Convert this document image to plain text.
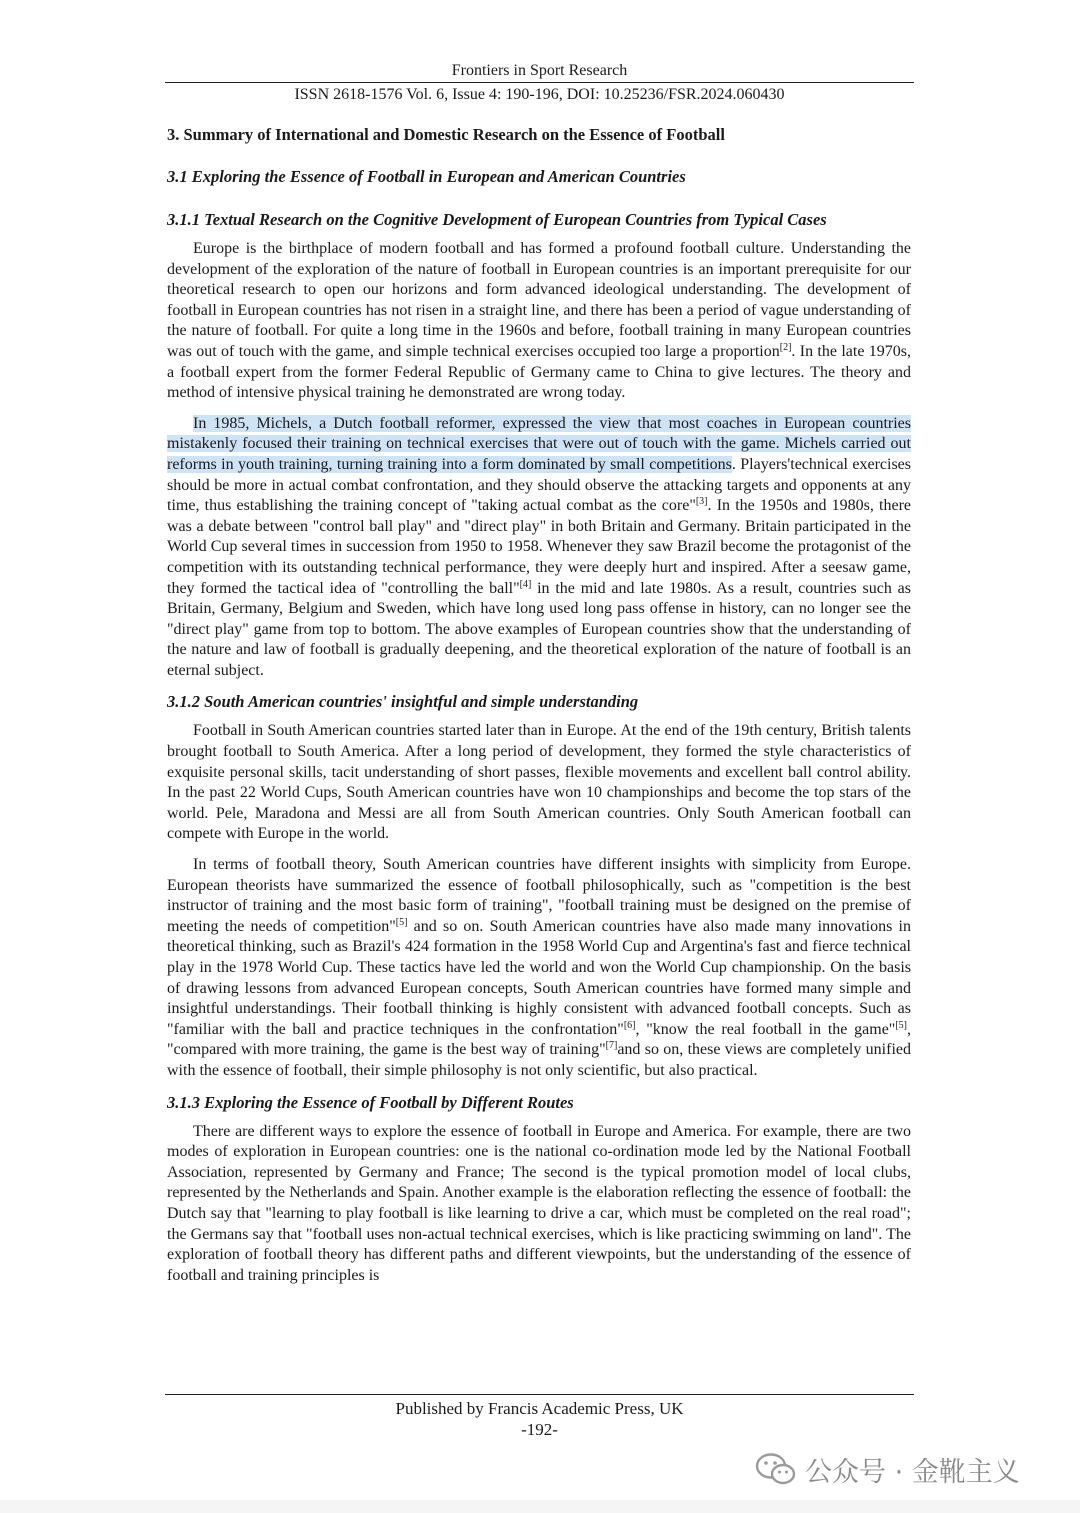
Frontiers in Sport Research
ISSN 2618-1576 Vol. 6, Issue 4: 190-196, DOI: 10.25236/FSR.2024.060430
3. Summary of International and Domestic Research on the Essence of Football
3.1 Exploring the Essence of Football in European and American Countries
3.1.1 Textual Research on the Cognitive Development of European Countries from Typical Cases

Europe is the birthplace of modern football and has formed a profound football culture. Understanding the development of the exploration of the nature of football in European countries is an important prerequisite for our theoretical research to open our horizons and form advanced ideological understanding. The development of football in European countries has not risen in a straight line, and there has been a period of vague understanding of the nature of football. For quite a long time in the 1960s and before, football training in many European countries was out of touch with the game, and simple technical exercises occupied too large a proportion[2]. In the late 1970s, a football expert from the former Federal Republic of Germany came to China to give lectures. The theory and method of intensive physical training he demonstrated are wrong today.

In 1985, Michels, a Dutch football reformer, expressed the view that most coaches in European countries mistakenly focused their training on technical exercises that were out of touch with the game. Michels carried out reforms in youth training, turning training into a form dominated by small competitions. Players'technical exercises should be more in actual combat confrontation, and they should observe the attacking targets and opponents at any time, thus establishing the training concept of "taking actual combat as the core"[3]. In the 1950s and 1980s, there was a debate between "control ball play" and "direct play" in both Britain and Germany. Britain participated in the World Cup several times in succession from 1950 to 1958. Whenever they saw Brazil become the protagonist of the competition with its outstanding technical performance, they were deeply hurt and inspired. After a seesaw game, they formed the tactical idea of "controlling the ball"[4] in the mid and late 1980s. As a result, countries such as Britain, Germany, Belgium and Sweden, which have long used long pass offense in history, can no longer see the "direct play" game from top to bottom. The above examples of European countries show that the understanding of the nature and law of football is gradually deepening, and the theoretical exploration of the nature of football is an eternal subject.

3.1.2 South American countries' insightful and simple understanding

Football in South American countries started later than in Europe. At the end of the 19th century, British talents brought football to South America. After a long period of development, they formed the style characteristics of exquisite personal skills, tacit understanding of short passes, flexible movements and excellent ball control ability. In the past 22 World Cups, South American countries have won 10 championships and become the top stars of the world. Pele, Maradona and Messi are all from South American countries. Only South American football can compete with Europe in the world.

In terms of football theory, South American countries have different insights with simplicity from Europe. European theorists have summarized the essence of football philosophically, such as "competition is the best instructor of training and the most basic form of training", "football training must be designed on the premise of meeting the needs of competition"[5] and so on. South American countries have also made many innovations in theoretical thinking, such as Brazil's 424 formation in the 1958 World Cup and Argentina's fast and fierce technical play in the 1978 World Cup. These tactics have led the world and won the World Cup championship. On the basis of drawing lessons from advanced European concepts, South American countries have formed many simple and insightful understandings. Their football thinking is highly consistent with advanced football concepts. Such as "familiar with the ball and practice techniques in the confrontation"[6], "know the real football in the game"[5], "compared with more training, the game is the best way of training"[7]and so on, these views are completely unified with the essence of football, their simple philosophy is not only scientific, but also practical.

3.1.3 Exploring the Essence of Football by Different Routes

There are different ways to explore the essence of football in Europe and America. For example, there are two modes of exploration in European countries: one is the national co-ordination mode led by the National Football Association, represented by Germany and France; The second is the typical promotion model of local clubs, represented by the Netherlands and Spain. Another example is the elaboration reflecting the essence of football: the Dutch say that "learning to play football is like learning to drive a car, which must be completed on the real road"; the Germans say that "football uses non-actual technical exercises, which is like practicing swimming on land". The exploration of football theory has different paths and different viewpoints, but the understanding of the essence of football and training principles is

Published by Francis Academic Press, UK
-192-
公众号 · 金靴主义
